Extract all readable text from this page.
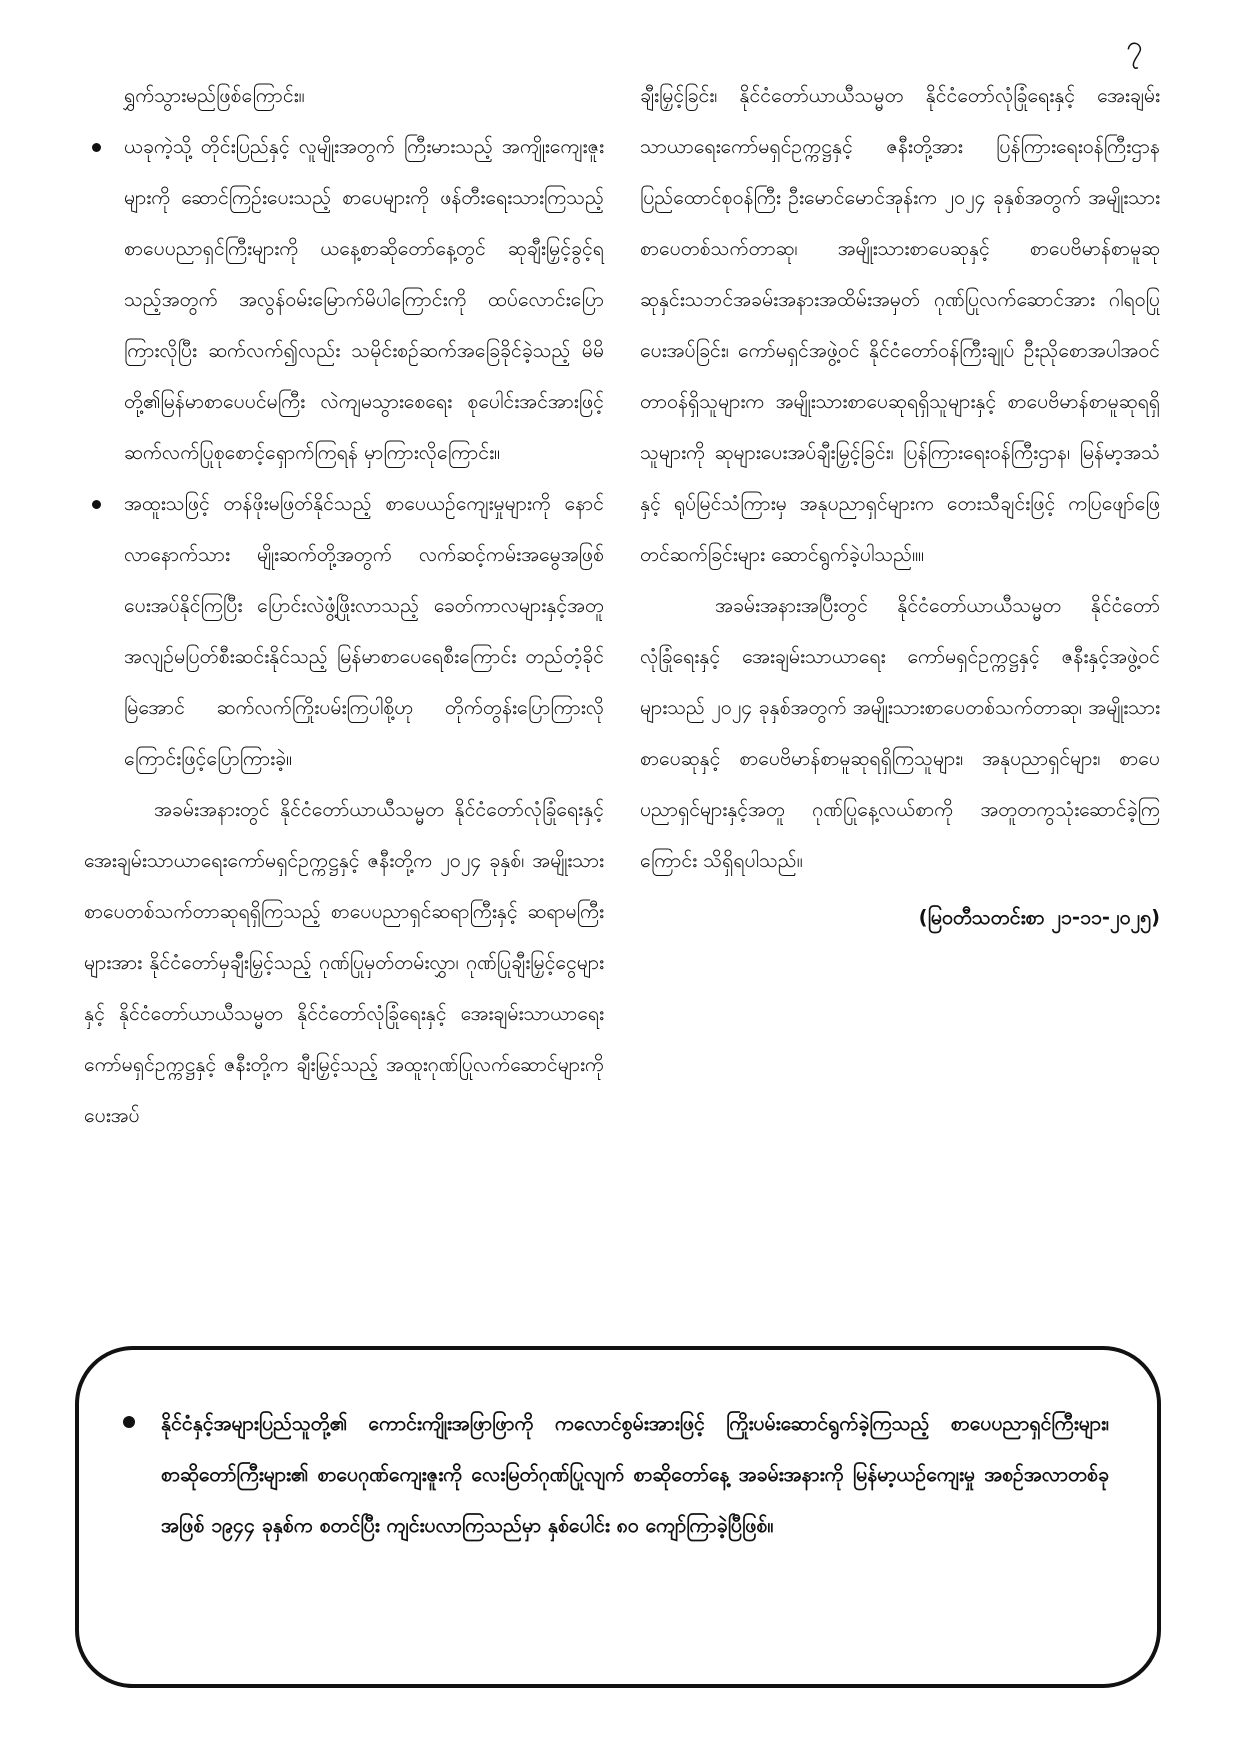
၇

ရွှက်သွားမည်ဖြစ်ကြောင်း။

ယခုကဲ့သို့ တိုင်းပြည်နှင့် လူမျိုးအတွက် ကြီးမားသည့် အကျိုးကျေးဇူးများကို ဆောင်ကြဉ်းပေးသည့် စာပေများကို ဖန်တီးရေးသားကြသည့် စာပေပညာရှင်ကြီးများကို ယနေ့စာဆိုတော်နေ့တွင် ဆုချီးမြှင့်ခွင့်ရသည့်အတွက် အလွန်ဝမ်းမြောက်မိပါကြောင်းကို ထပ်လောင်းပြောကြားလိုပြီး ဆက်လက်၍လည်း သမိုင်းစဉ်ဆက်အခြေခိုင်ခဲ့သည့် မိမိတို့၏မြန်မာစာပေပင်မကြီး လဲကျမသွားစေရေး စုပေါင်းအင်အားဖြင့် ဆက်လက်ပြုစုစောင့်ရှောက်ကြရန် မှာကြားလိုကြောင်း။

အထူးသဖြင့် တန်ဖိုးမဖြတ်နိုင်သည့် စာပေယဉ်ကျေးမှုများကို နောင်လာနောက်သား မျိုးဆက်တို့အတွက် လက်ဆင့်ကမ်းအမွေအဖြစ် ပေးအပ်နိုင်ကြပြီး ပြောင်းလဲဖွံ့ဖြိုးလာသည့် ခေတ်ကာလများနှင့်အတူ အလျဉ်မပြတ်စီးဆင်းနိုင်သည့် မြန်မာစာပေရေစီးကြောင်း တည်တံ့ခိုင်မြဲအောင် ဆက်လက်ကြိုးပမ်းကြပါစို့ဟု တိုက်တွန်းပြောကြားလို ကြောင်းဖြင့်ပြောကြားခဲ့။

အခမ်းအနားတွင် နိုင်ငံတော်ယာယီသမ္မတ နိုင်ငံတော်လုံခြုံရေးနှင့် အေးချမ်းသာယာရေးကော်မရှင်ဥက္ကဋ္ဌနှင့် ဇနီးတို့က ၂၀၂၄ ခုနှစ်၊ အမျိုးသားစာပေတစ်သက်တာဆုရရှိကြသည့် စာပေပညာရှင်ဆရာကြီးနှင့် ဆရာမကြီးများအား နိုင်ငံတော်မှချီးမြှင့်သည့် ဂုဏ်ပြုမှတ်တမ်းလွှာ၊ ဂုဏ်ပြုချီးမြှင့်ငွေများနှင့် နိုင်ငံတော်ယာယီသမ္မတ နိုင်ငံတော်လုံခြုံရေးနှင့် အေးချမ်းသာယာရေးကော်မရှင်ဥက္ကဋ္ဌနှင့် ဇနီးတို့က ချီးမြှင့်သည့် အထူးဂုဏ်ပြုလက်ဆောင်များကို ပေးအပ်

ချီးမြှင့်ခြင်း၊ နိုင်ငံတော်ယာယီသမ္မတ နိုင်ငံတော်လုံခြုံရေးနှင့် အေးချမ်းသာယာရေးကော်မရှင်ဥက္ကဋ္ဌနှင့် ဇနီးတို့အား ပြန်ကြားရေးဝန်ကြီးဌာန ပြည်ထောင်စုဝန်ကြီး ဦးမောင်မောင်အုန်းက ၂၀၂၄ ခုနှစ်အတွက် အမျိုးသားစာပေတစ်သက်တာဆု၊ အမျိုးသားစာပေဆုနှင့် စာပေဗိမာန်စာမူဆု ဆုနှင်းသဘင်အခမ်းအနားအထိမ်းအမှတ် ဂုဏ်ပြုလက်ဆောင်အား ဂါရဝပြုပေးအပ်ခြင်း၊ ကော်မရှင်အဖွဲ့ဝင် နိုင်ငံတော်ဝန်ကြီးချုပ် ဦးညိုစောအပါအဝင် တာဝန်ရှိသူများက အမျိုးသားစာပေဆုရရှိသူများနှင့် စာပေဗိမာန်စာမူဆုရရှိသူများကို ဆုများပေးအပ်ချီးမြှင့်ခြင်း၊ ပြန်ကြားရေးဝန်ကြီးဌာန၊ မြန်မာ့အသံနှင့် ရုပ်မြင်သံကြားမှ အနုပညာရှင်များက တေးသီချင်းဖြင့် ကပြဖျော်ဖြေတင်ဆက်ခြင်းများ ဆောင်ရွက်ခဲ့ပါသည်။။

အခမ်းအနားအပြီးတွင် နိုင်ငံတော်ယာယီသမ္မတ နိုင်ငံတော်လုံခြုံရေးနှင့် အေးချမ်းသာယာရေး ကော်မရှင်ဥက္ကဋ္ဌနှင့် ဇနီးနှင့်အဖွဲ့ဝင်များသည် ၂၀၂၄ ခုနှစ်အတွက် အမျိုးသားစာပေတစ်သက်တာဆု၊ အမျိုးသားစာပေဆုနှင့် စာပေဗိမာန်စာမူဆုရရှိကြသူများ၊ အနုပညာရှင်များ၊ စာပေပညာရှင်များနှင့်အတူ ဂုဏ်ပြုနေ့လယ်စာကို အတူတကွသုံးဆောင်ခဲ့ကြကြောင်း သိရှိရပါသည်။

(မြဝတီသတင်းစာ ၂၁-၁၁-၂၀၂၅)

နိုင်ငံနှင့်အများပြည်သူတို့၏ ကောင်းကျိုးအဖြာဖြာကို ကလောင်စွမ်းအားဖြင့် ကြိုးပမ်းဆောင်ရွက်ခဲ့ကြသည့် စာပေပညာရှင်ကြီးများ၊ စာဆိုတော်ကြီးများ၏ စာပေဂုဏ်ကျေးဇူးကို လေးမြတ်ဂုဏ်ပြုလျက် စာဆိုတော်နေ့ အခမ်းအနားကို မြန်မာ့ယဉ်ကျေးမှု အစဉ်အလာတစ်ခုအဖြစ် ၁၉၄၄ ခုနှစ်က စတင်ပြီး ကျင်းပလာကြသည်မှာ နှစ်ပေါင်း ၈၀ ကျော်ကြာခဲ့ပြီဖြစ်။
